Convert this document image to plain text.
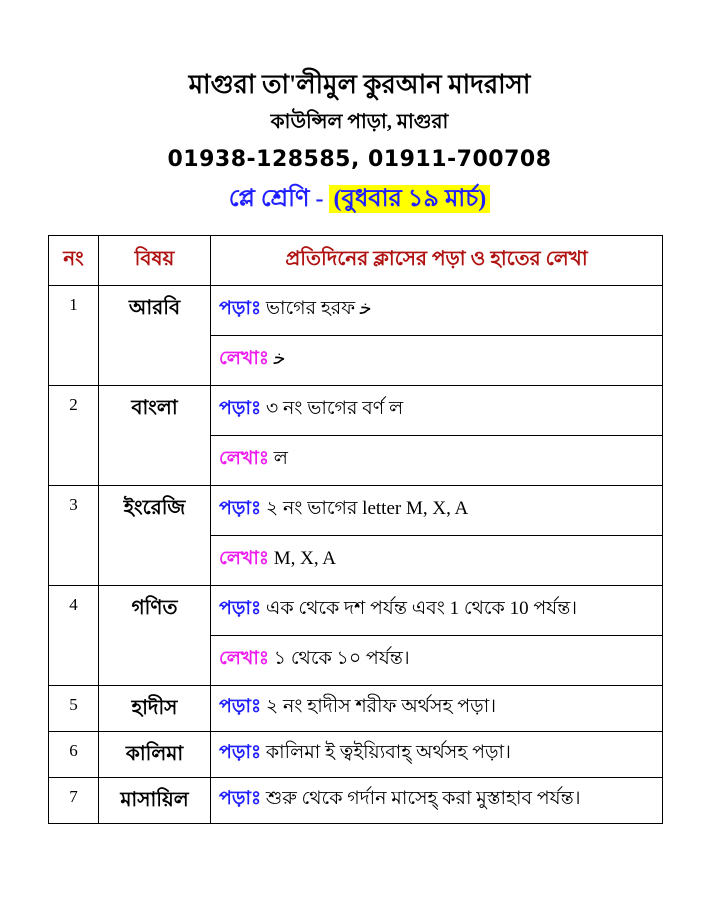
মাগুরা তা'লীমুল কুরআন মাদরাসা
কাউন্সিল পাড়া, মাগুরা
01938-128585, 01911-700708
প্লে শ্রেণি - (বুধবার ১৯ মার্চ)
নং	বিষয়	প্রতিদিনের ক্লাসের পড়া ও হাতের লেখা
1	আরবি	পড়াঃ ভাগের হরফ ﺧ
		লেখাঃ ﺧ
2	বাংলা	পড়াঃ ৩ নং ভাগের বর্ণ ল
		লেখাঃ ল
3	ইংরেজি	পড়াঃ ২ নং ভাগের letter M, X, A
		লেখাঃ M, X, A
4	গণিত	পড়াঃ এক থেকে দশ পর্যন্ত এবং 1 থেকে 10 পর্যন্ত।
		লেখাঃ ১ থেকে ১০ পর্যন্ত।
5	হাদীস	পড়াঃ ২ নং হাদীস শরীফ অর্থসহ পড়া।
6	কালিমা	পড়াঃ কালিমা ই ত্বইয়্যিবাহ্ অর্থসহ পড়া।
7	মাসায়িল	পড়াঃ শুরু থেকে গর্দান মাসেহ্ করা মুস্তাহাব পর্যন্ত।
